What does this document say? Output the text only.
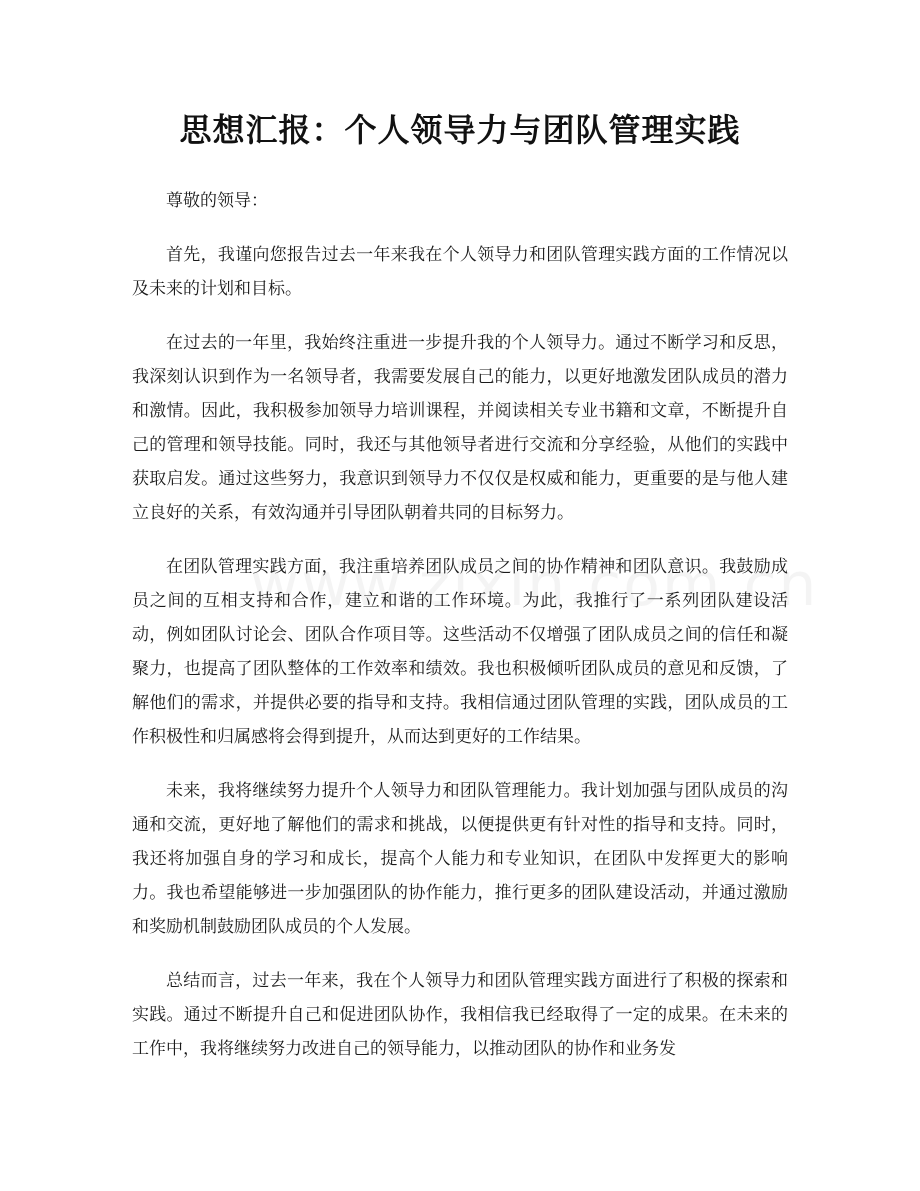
思想汇报：个人领导力与团队管理实践

尊敬的领导：

首先，我谨向您报告过去一年来我在个人领导力和团队管理实践方面的工作情况以及未来的计划和目标。

在过去的一年里，我始终注重进一步提升我的个人领导力。通过不断学习和反思，我深刻认识到作为一名领导者，我需要发展自己的能力，以更好地激发团队成员的潜力和激情。因此，我积极参加领导力培训课程，并阅读相关专业书籍和文章，不断提升自己的管理和领导技能。同时，我还与其他领导者进行交流和分享经验，从他们的实践中获取启发。通过这些努力，我意识到领导力不仅仅是权威和能力，更重要的是与他人建立良好的关系，有效沟通并引导团队朝着共同的目标努力。

在团队管理实践方面，我注重培养团队成员之间的协作精神和团队意识。我鼓励成员之间的互相支持和合作，建立和谐的工作环境。为此，我推行了一系列团队建设活动，例如团队讨论会、团队合作项目等。这些活动不仅增强了团队成员之间的信任和凝聚力，也提高了团队整体的工作效率和绩效。我也积极倾听团队成员的意见和反馈，了解他们的需求，并提供必要的指导和支持。我相信通过团队管理的实践，团队成员的工作积极性和归属感将会得到提升，从而达到更好的工作结果。

未来，我将继续努力提升个人领导力和团队管理能力。我计划加强与团队成员的沟通和交流，更好地了解他们的需求和挑战，以便提供更有针对性的指导和支持。同时，我还将加强自身的学习和成长，提高个人能力和专业知识，在团队中发挥更大的影响力。我也希望能够进一步加强团队的协作能力，推行更多的团队建设活动，并通过激励和奖励机制鼓励团队成员的个人发展。

总结而言，过去一年来，我在个人领导力和团队管理实践方面进行了积极的探索和实践。通过不断提升自己和促进团队协作，我相信我已经取得了一定的成果。在未来的工作中，我将继续努力改进自己的领导能力，以推动团队的协作和业务发
